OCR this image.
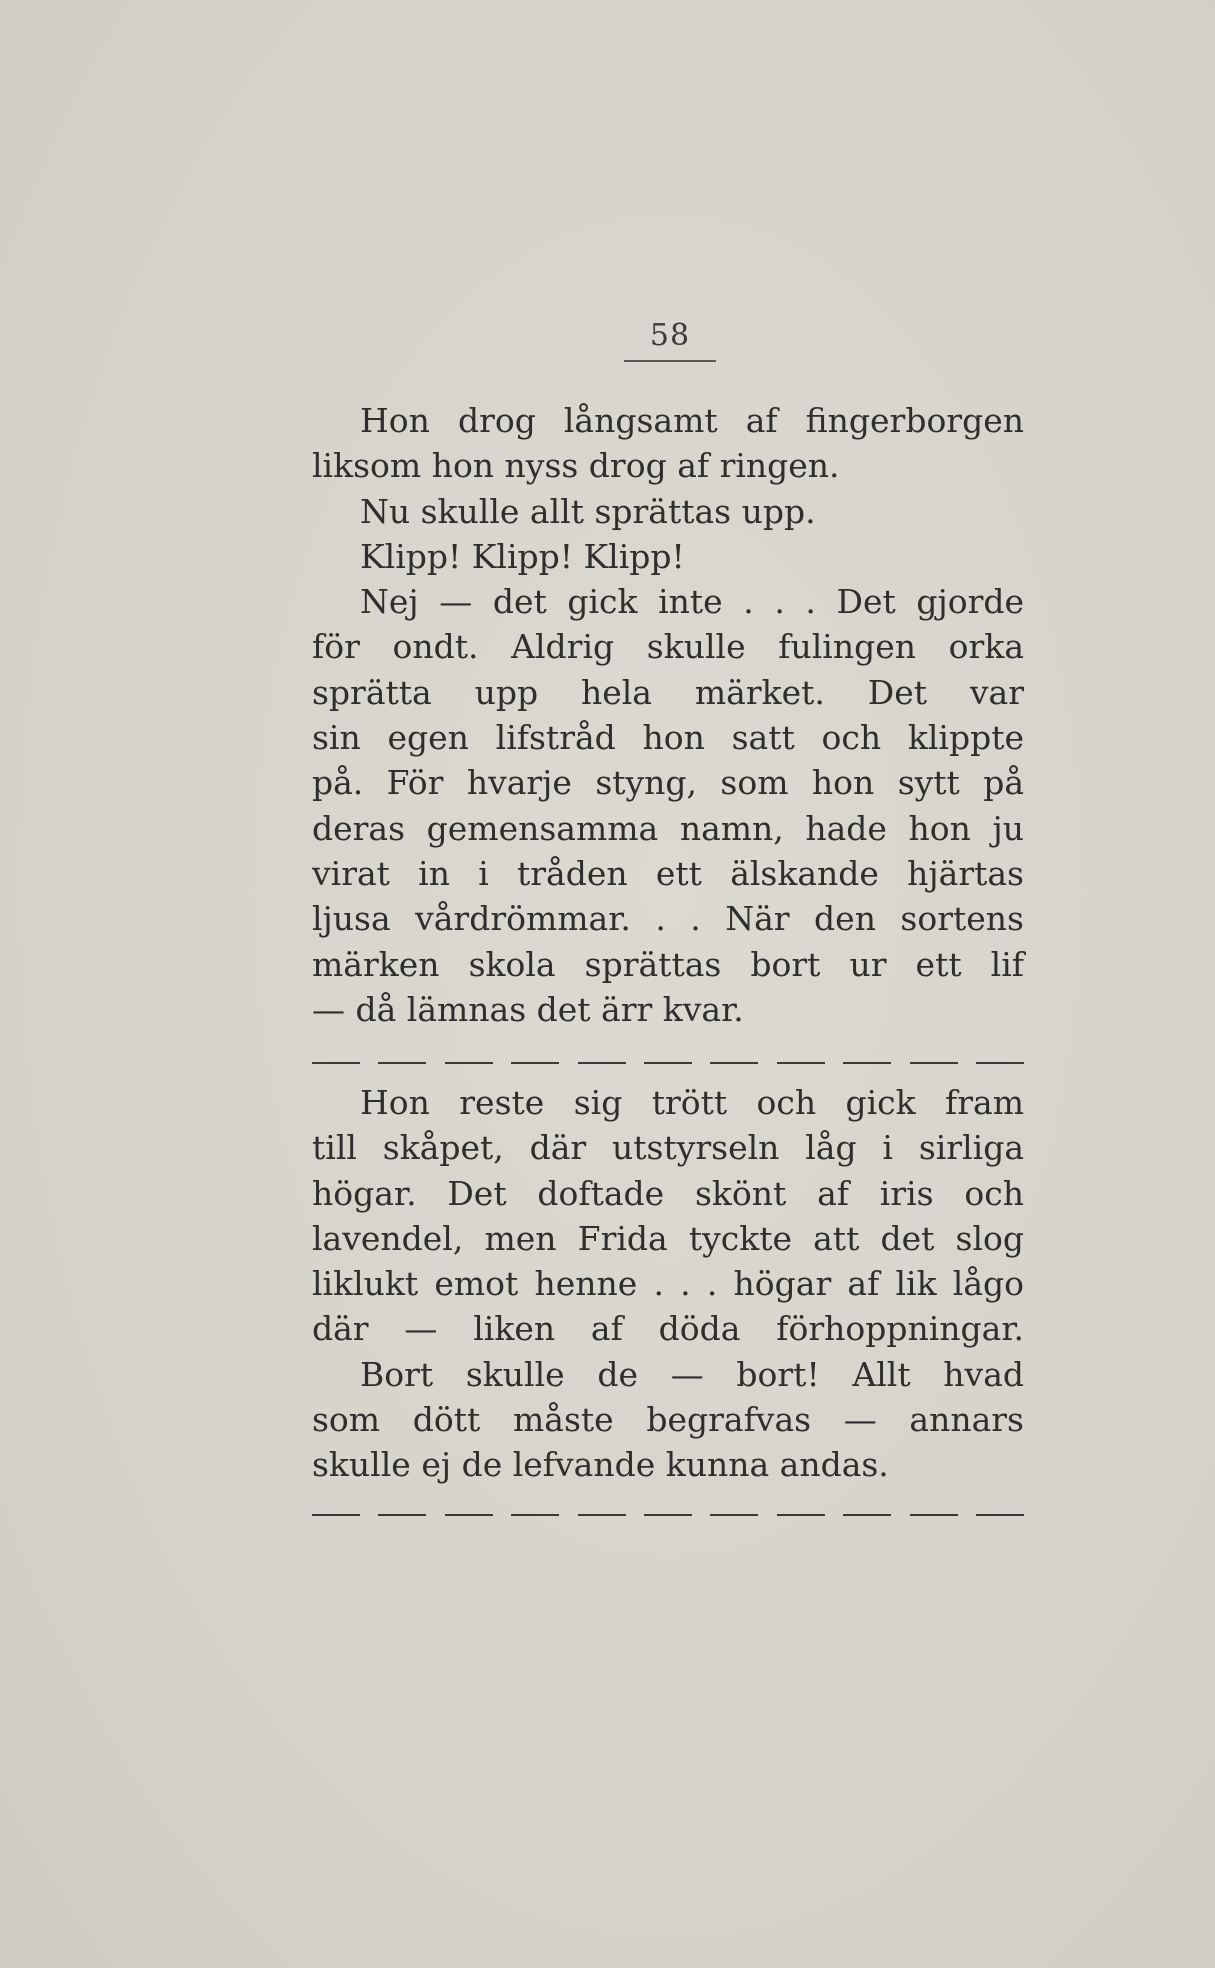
58
Hon drog långsamt af fingerborgen
liksom hon nyss drog af ringen.
Nu skulle allt sprättas upp.
Klipp! Klipp! Klipp!
Nej — det gick inte . . . Det gjorde
för ondt. Aldrig skulle fulingen orka
sprätta upp hela märket. Det var
sin egen lifstråd hon satt och klippte
på. För hvarje styng, som hon sytt på
deras gemensamma namn, hade hon ju
virat in i tråden ett älskande hjärtas
ljusa vårdrömmar. . . När den sortens
märken skola sprättas bort ur ett lif
— då lämnas det ärr kvar.
Hon reste sig trött och gick fram
till skåpet, där utstyrseln låg i sirliga
högar. Det doftade skönt af iris och
lavendel, men Frida tyckte att det slog
liklukt emot henne . . . högar af lik lågo
där — liken af döda förhoppningar.
Bort skulle de — bort! Allt hvad
som dött måste begrafvas — annars
skulle ej de lefvande kunna andas.
